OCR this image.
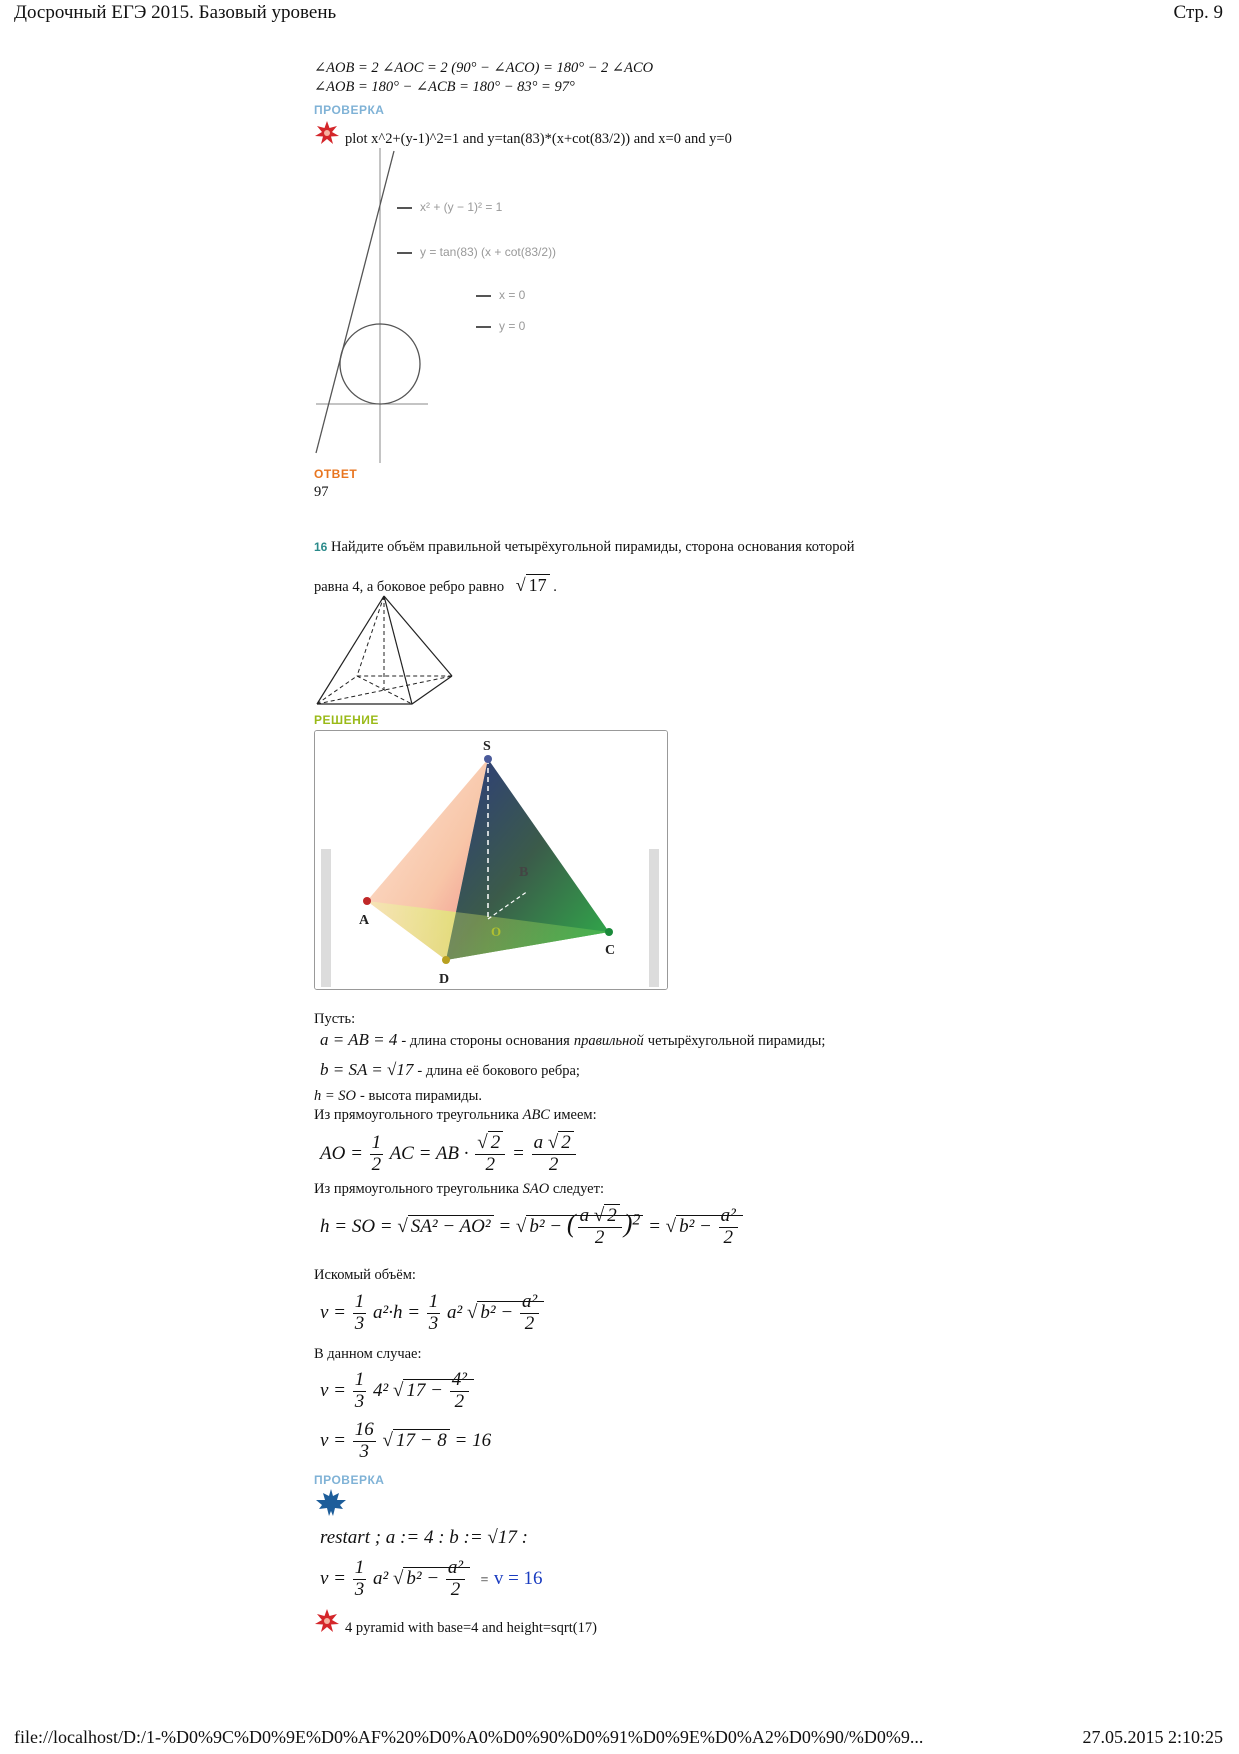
Досрочный ЕГЭ 2015. Базовый уровень	Стр. 9
∠AOB = 2 ∠AOC = 2 (90° − ∠ACO) = 180° − 2 ∠ACO
∠AOB = 180° − ∠ACB = 180° − 83° = 97°
ПРОВЕРКА
plot x^2+(y-1)^2=1 and y=tan(83)*(x+cot(83/2)) and x=0 and y=0
x² + (y − 1)² = 1
y = tan(83) (x + cot(83/2))
x = 0
y = 0
ОТВЕТ
97
16 Найдите объём правильной четырёхугольной пирамиды, сторона основания которой
равна 4, а боковое ребро равно √ 17 .
РЕШЕНИЕ
S
A
B
C
D
O
Пусть:
a = AB = 4 - длина стороны основания правильной четырёхугольной пирамиды;
b = SA = √17 - длина её бокового ребра;
h = SO - высота пирамиды.
Из прямоугольного треугольника ABC имеем:
AO = $\frac{1}{2}$ AC = AB · $\frac{√ 2}{2} = \frac{a √ 2}{2}$
Из прямоугольного треугольника SAO следует:
h = SO = √ SA² − AO² = √ b² − ( $\frac{a √ 2}{2} )^2$ = √ $b^2 - \frac{\text{a²}}{2}$
Искомый объём:
$v = \frac{1}{3} a^2\cdot h = \frac{1}{3} a^2$ √ $b^2 - \frac{\text{a²}}{2}$
В данном случае:
$v = \frac{1}{3} 4^2$ √ $17 - \frac{\text{4²}}{2}$
$v = \frac{16}{3}$ √ 17 − 8 = 16
ПРОВЕРКА
restart ; a := 4 : b := √17 :
$v = \frac{1}{3} a^2$ √ $b^2 - \frac{\text{a²}}{2} = v = 16$
4 pyramid with base=4 and height=sqrt(17)
file://localhost/D:/1-%D0%9C%D0%9E%D0%AF%20%D0%A0%D0%90%D0%91%D0%9E%D0%A2%D0%90/%D0%9...	27.05.2015 2:10:25
